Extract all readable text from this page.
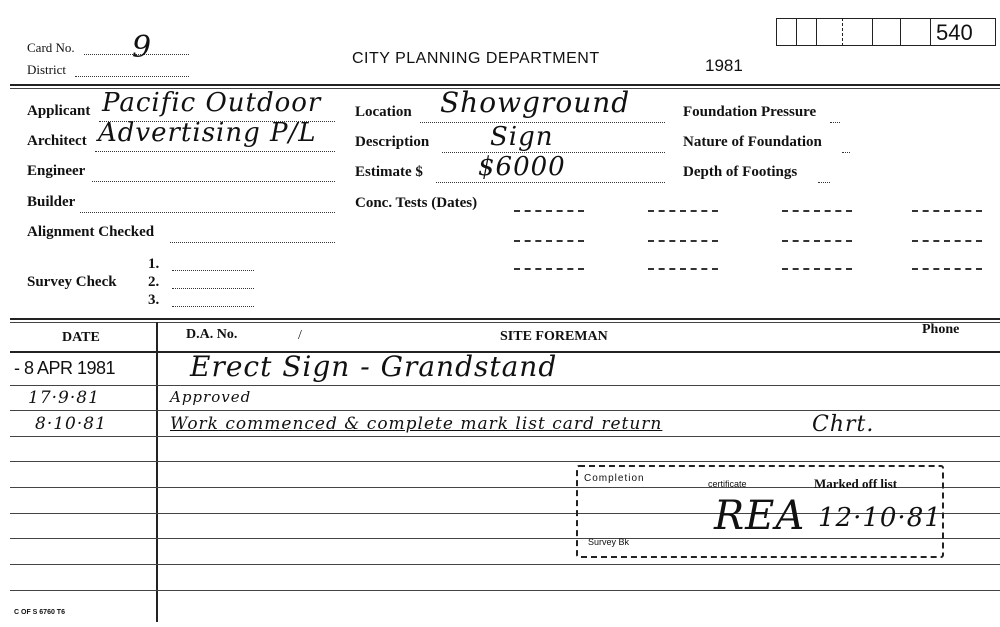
540
Card No. 9
District
CITY PLANNING DEPARTMENT	1981
Applicant Pacific Outdoor
Architect Advertising P/L
Engineer
Builder
Alignment Checked
Survey Check
1.
2.
3.
Location Showground
Description Sign
Estimate $ $6000
Conc. Tests (Dates)
Foundation Pressure
Nature of Foundation
Depth of Footings
DATE	D.A. No.	/	SITE FOREMAN	Phone
- 8 APR 1981	Erect Sign - Grandstand
17·9·81	Approved
8·10·81	Work commenced & complete mark list card return	Chrt.
Completion	certificate	Marked off list
REA 12·10·81
Survey Bk
C OF S 6760 T6
